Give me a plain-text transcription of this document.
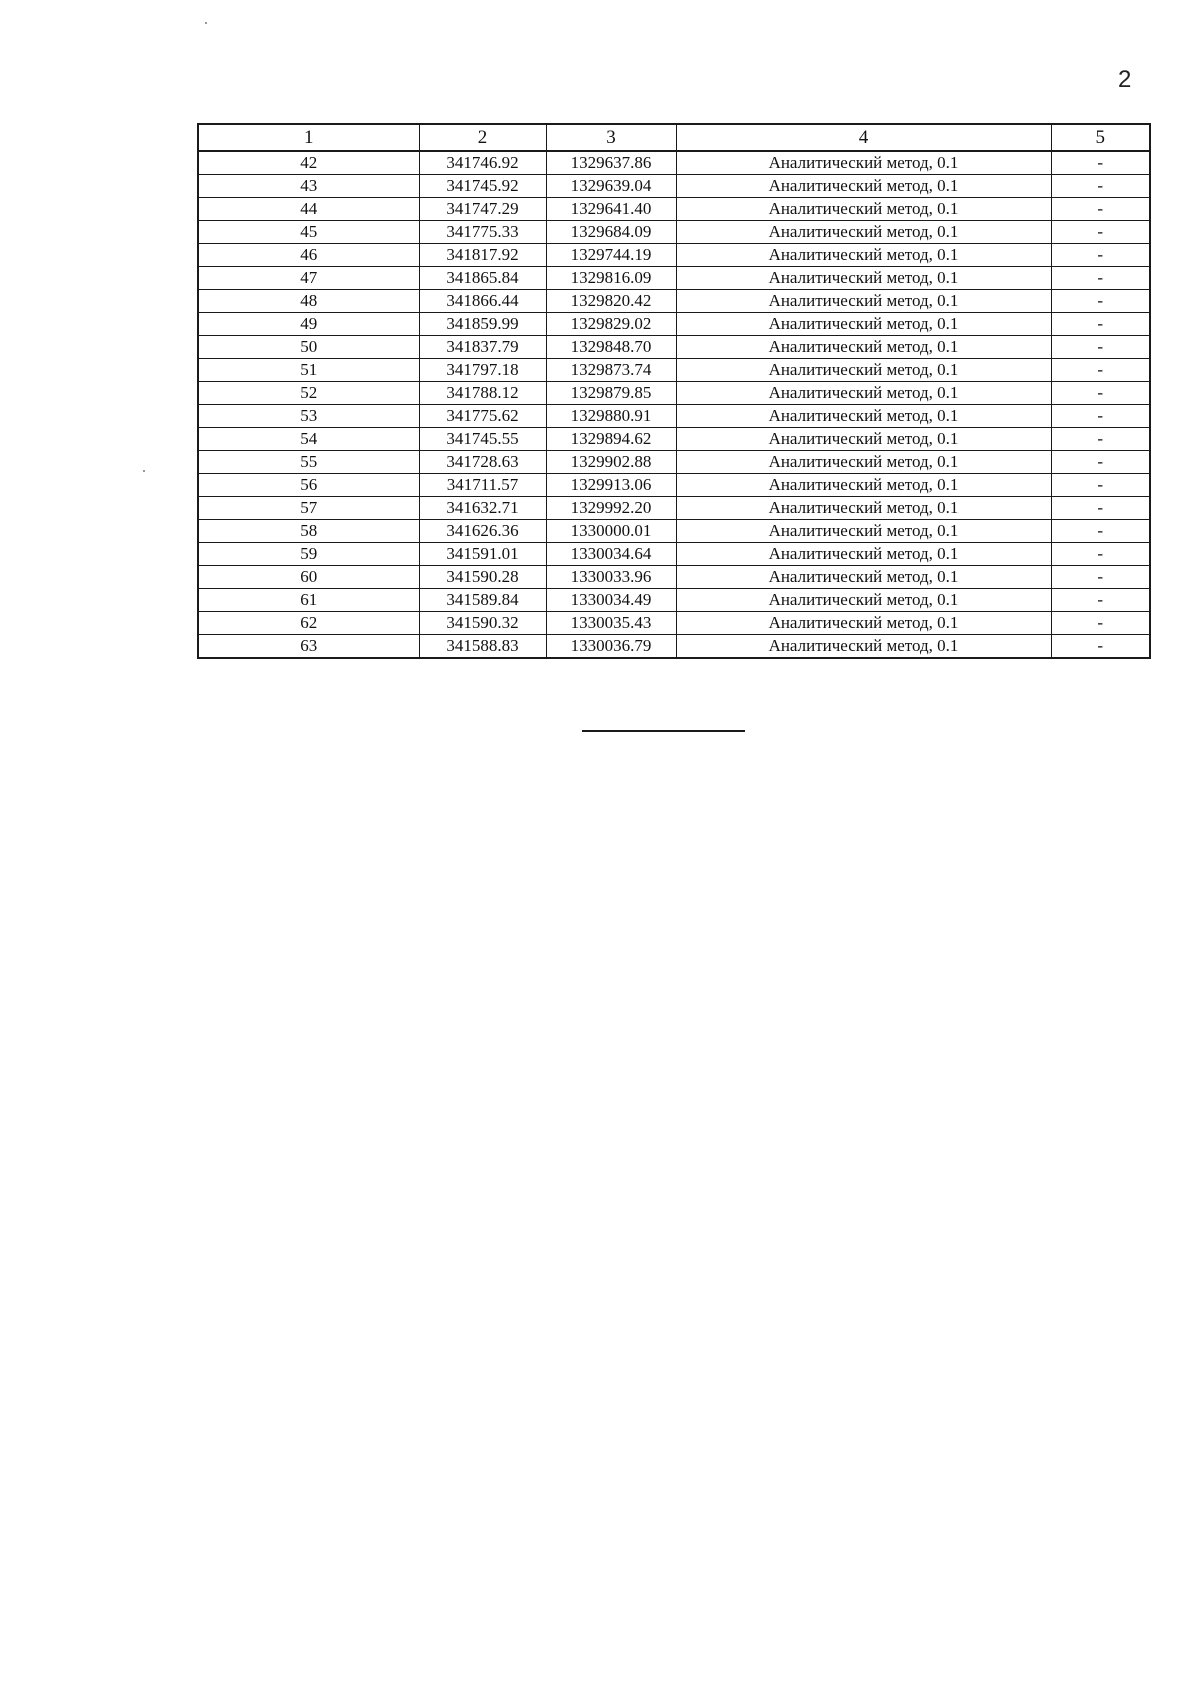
2
1	2	3	4	5
42	341746.92	1329637.86	Аналитический метод, 0.1	-
43	341745.92	1329639.04	Аналитический метод, 0.1	-
44	341747.29	1329641.40	Аналитический метод, 0.1	-
45	341775.33	1329684.09	Аналитический метод, 0.1	-
46	341817.92	1329744.19	Аналитический метод, 0.1	-
47	341865.84	1329816.09	Аналитический метод, 0.1	-
48	341866.44	1329820.42	Аналитический метод, 0.1	-
49	341859.99	1329829.02	Аналитический метод, 0.1	-
50	341837.79	1329848.70	Аналитический метод, 0.1	-
51	341797.18	1329873.74	Аналитический метод, 0.1	-
52	341788.12	1329879.85	Аналитический метод, 0.1	-
53	341775.62	1329880.91	Аналитический метод, 0.1	-
54	341745.55	1329894.62	Аналитический метод, 0.1	-
55	341728.63	1329902.88	Аналитический метод, 0.1	-
56	341711.57	1329913.06	Аналитический метод, 0.1	-
57	341632.71	1329992.20	Аналитический метод, 0.1	-
58	341626.36	1330000.01	Аналитический метод, 0.1	-
59	341591.01	1330034.64	Аналитический метод, 0.1	-
60	341590.28	1330033.96	Аналитический метод, 0.1	-
61	341589.84	1330034.49	Аналитический метод, 0.1	-
62	341590.32	1330035.43	Аналитический метод, 0.1	-
63	341588.83	1330036.79	Аналитический метод, 0.1	-
